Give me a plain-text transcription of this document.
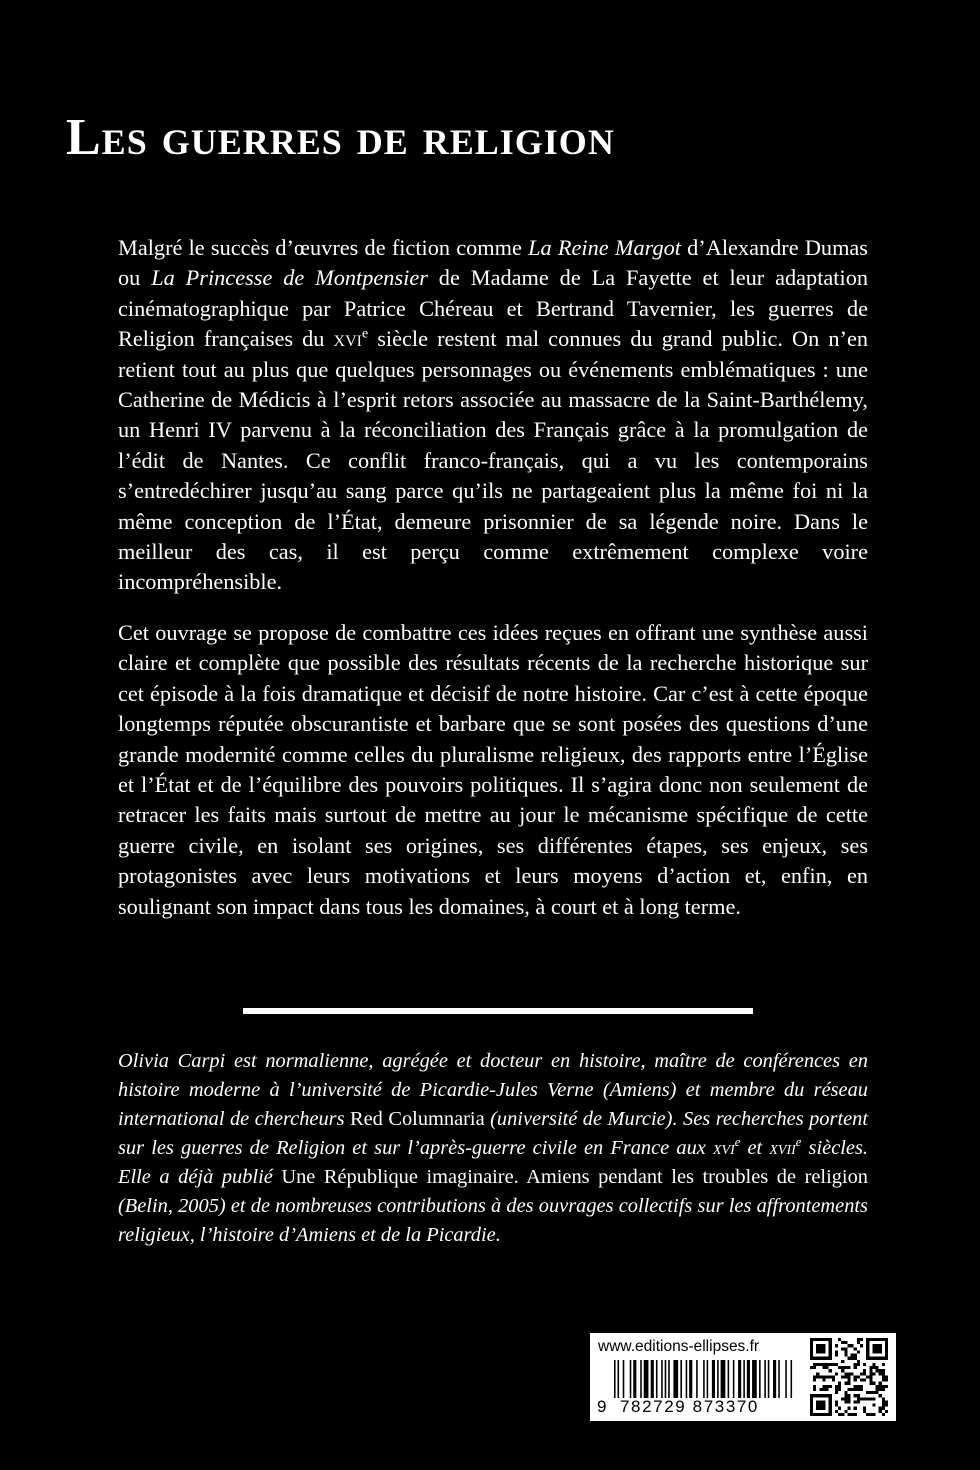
Les guerres de religion

Malgré le succès d’œuvres de fiction comme La Reine Margot d’Alexandre Dumas ou La Princesse de Montpensier de Madame de La Fayette et leur adaptation cinématographique par Patrice Chéreau et Bertrand Tavernier, les guerres de Religion françaises du xvi$^e$ siècle restent mal connues du grand public. On n’en retient tout au plus que quelques personnages ou événements emblématiques : une Catherine de Médicis à l’esprit retors associée au massacre de la Saint-Barthélemy, un Henri IV parvenu à la réconciliation des Français grâce à la promulgation de l’édit de Nantes. Ce conflit franco-français, qui a vu les contemporains s’entredéchirer jusqu’au sang parce qu’ils ne partageaient plus la même foi ni la même conception de l’État, demeure prisonnier de sa légende noire. Dans le meilleur des cas, il est perçu comme extrêmement complexe voire incompréhensible.

Cet ouvrage se propose de combattre ces idées reçues en offrant une synthèse aussi claire et complète que possible des résultats récents de la recherche historique sur cet épisode à la fois dramatique et décisif de notre histoire. Car c’est à cette époque longtemps réputée obscurantiste et barbare que se sont posées des questions d’une grande modernité comme celles du pluralisme religieux, des rapports entre l’Église et l’État et de l’équilibre des pouvoirs politiques. Il s’agira donc non seulement de retracer les faits mais surtout de mettre au jour le mécanisme spécifique de cette guerre civile, en isolant ses origines, ses différentes étapes, ses enjeux, ses protagonistes avec leurs motivations et leurs moyens d’action et, enfin, en soulignant son impact dans tous les domaines, à court et à long terme.

Olivia Carpi est normalienne, agrégée et docteur en histoire, maître de conférences en histoire moderne à l’université de Picardie-Jules Verne (Amiens) et membre du réseau international de chercheurs Red Columnaria (université de Murcie). Ses recherches portent sur les guerres de Religion et sur l’après-guerre civile en France aux xvi$^e$ et xvii$^e$ siècles. Elle a déjà publié Une République imaginaire. Amiens pendant les troubles de religion (Belin, 2005) et de nombreuses contributions à des ouvrages collectifs sur les affrontements religieux, l’histoire d’Amiens et de la Picardie.
www.editions-ellipses.fr
9 782729 873370
